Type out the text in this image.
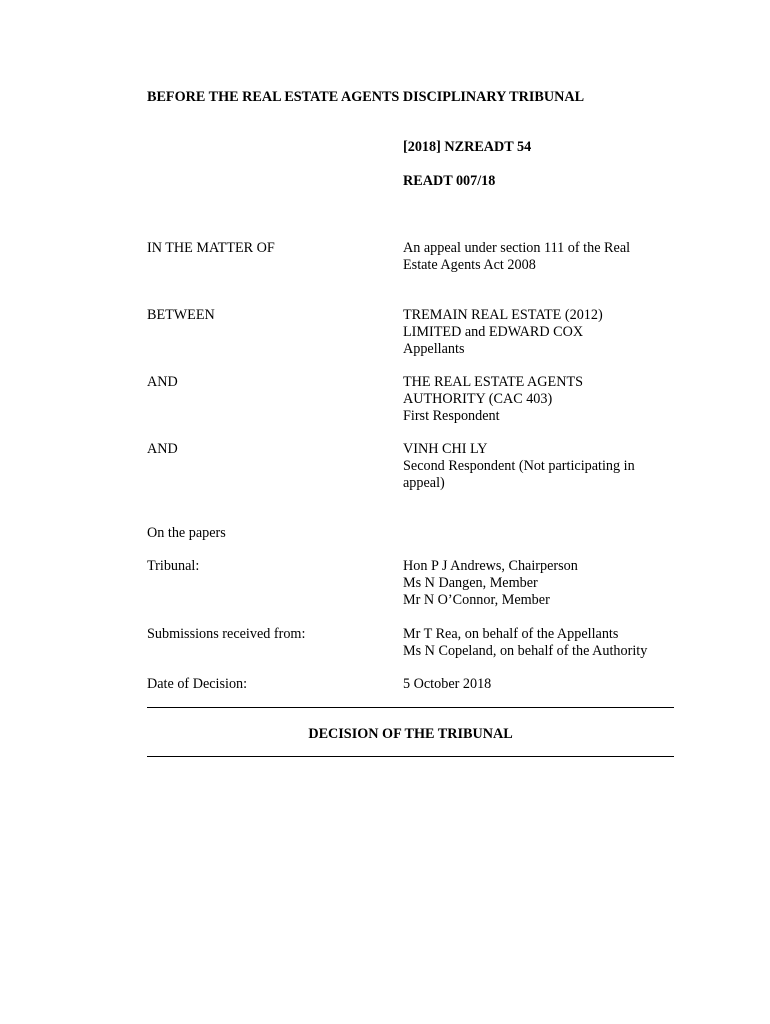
BEFORE THE REAL ESTATE AGENTS DISCIPLINARY TRIBUNAL
[2018] NZREADT 54
READT 007/18
IN THE MATTER OF	An appeal under section 111 of the Real
Estate Agents Act 2008
BETWEEN	TREMAIN REAL ESTATE (2012)
LIMITED and EDWARD COX
Appellants
AND	THE REAL ESTATE AGENTS
AUTHORITY (CAC 403)
First Respondent
AND	VINH CHI LY
Second Respondent (Not participating in
appeal)
On the papers
Tribunal:	Hon P J Andrews, Chairperson
Ms N Dangen, Member
Mr N O’Connor, Member
Submissions received from:	Mr T Rea, on behalf of the Appellants
Ms N Copeland, on behalf of the Authority
Date of Decision:	5 October 2018
DECISION OF THE TRIBUNAL
